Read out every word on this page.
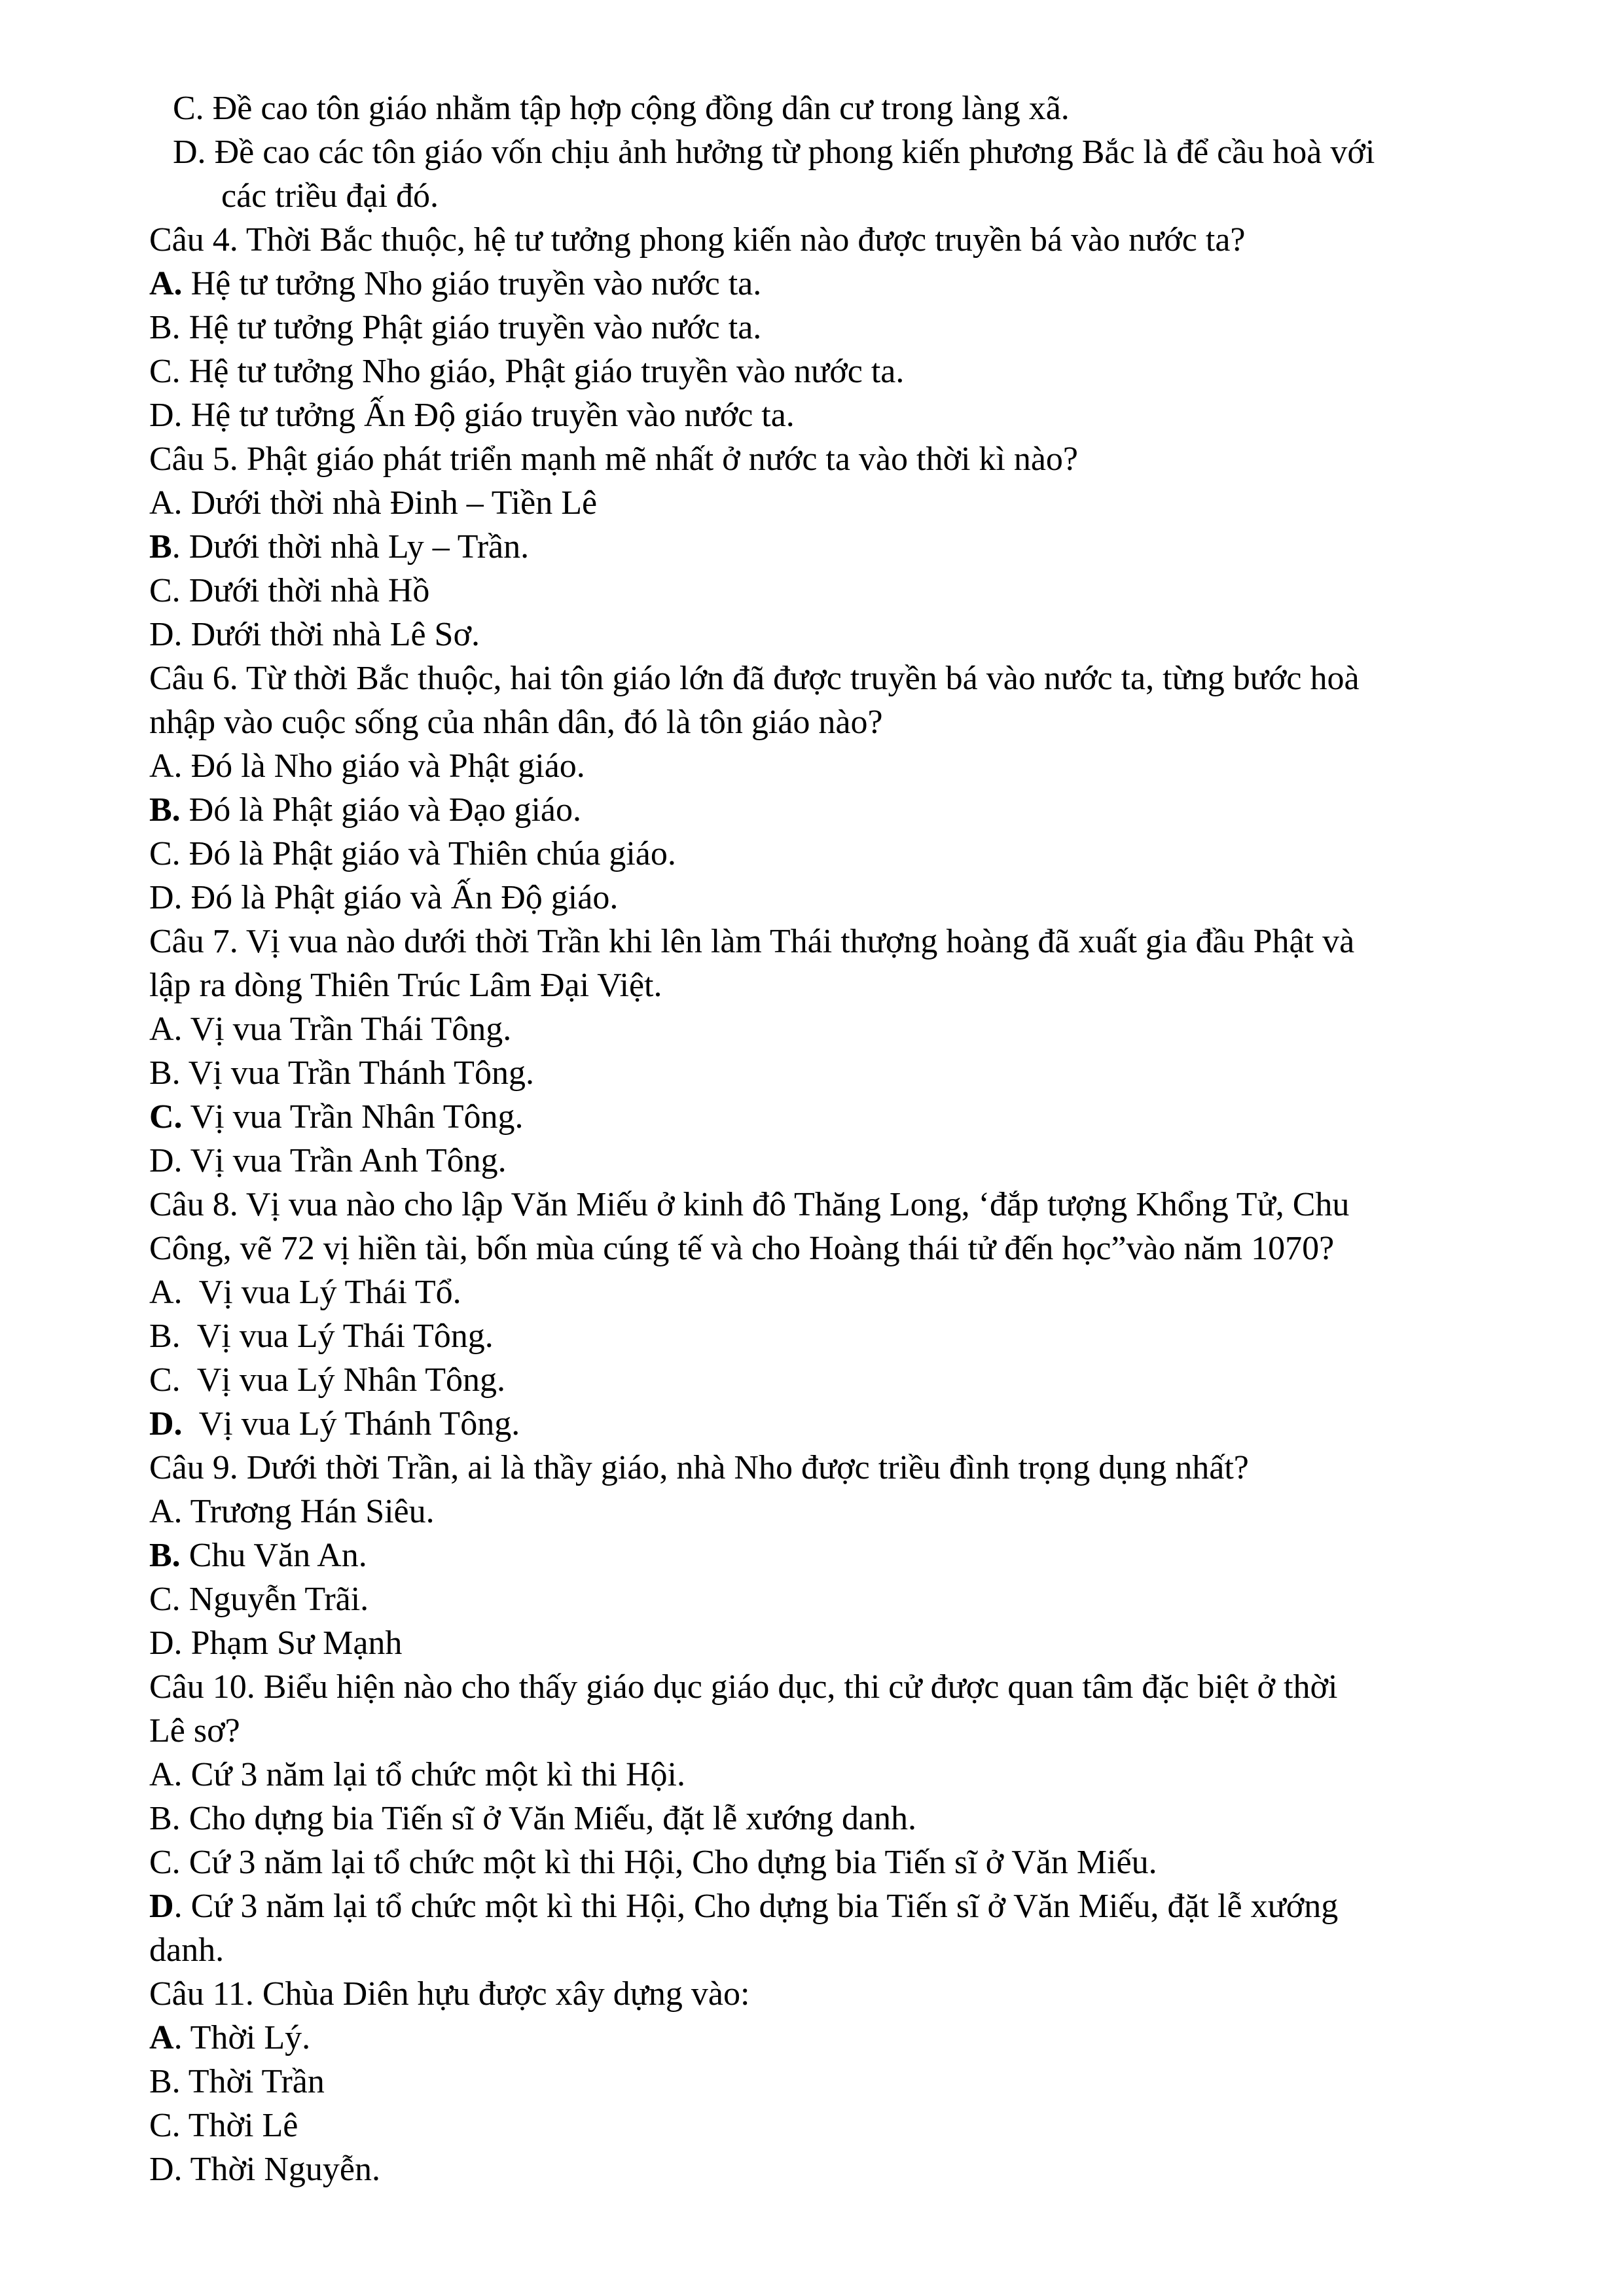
C. Đề cao tôn giáo nhằm tập hợp cộng đồng dân cư trong làng xã.
D. Đề cao các tôn giáo vốn chịu ảnh hưởng từ phong kiến phương Bắc là để cầu hoà với
các triều đại đó.
Câu 4. Thời Bắc thuộc, hệ tư tưởng phong kiến nào được truyền bá vào nước ta?
A. Hệ tư tưởng Nho giáo truyền vào nước ta.
B. Hệ tư tưởng Phật giáo truyền vào nước ta.
C. Hệ tư tưởng Nho giáo, Phật giáo truyền vào nước ta.
D. Hệ tư tưởng Ấn Độ giáo truyền vào nước ta.
Câu 5. Phật giáo phát triển mạnh mẽ nhất ở nước ta vào thời kì nào?
A. Dưới thời nhà Đinh – Tiền Lê
B. Dưới thời nhà Ly – Trần.
C. Dưới thời nhà Hồ
D. Dưới thời nhà Lê Sơ.
Câu 6. Từ thời Bắc thuộc, hai tôn giáo lớn đã được truyền bá vào nước ta, từng bước hoà
nhập vào cuộc sống của nhân dân, đó là tôn giáo nào?
A. Đó là Nho giáo và Phật giáo.
B. Đó là Phật giáo và Đạo giáo.
C. Đó là Phật giáo và Thiên chúa giáo.
D. Đó là Phật giáo và Ấn Độ giáo.
Câu 7. Vị vua nào dưới thời Trần khi lên làm Thái thượng hoàng đã xuất gia đầu Phật và
lập ra dòng Thiên Trúc Lâm Đại Việt.
A. Vị vua Trần Thái Tông.
B. Vị vua Trần Thánh Tông.
C. Vị vua Trần Nhân Tông.
D. Vị vua Trần Anh Tông.
Câu 8. Vị vua nào cho lập Văn Miếu ở kinh đô Thăng Long, ‘đắp tượng Khổng Tử, Chu
Công, vẽ 72 vị hiền tài, bốn mùa cúng tế và cho Hoàng thái tử đến học”vào năm 1070?
A.  Vị vua Lý Thái Tổ.
B.  Vị vua Lý Thái Tông.
C.  Vị vua Lý Nhân Tông.
D.  Vị vua Lý Thánh Tông.
Câu 9. Dưới thời Trần, ai là thầy giáo, nhà Nho được triều đình trọng dụng nhất?
A. Trương Hán Siêu.
B. Chu Văn An.
C. Nguyễn Trãi.
D. Phạm Sư Mạnh
Câu 10. Biểu hiện nào cho thấy giáo dục giáo dục, thi cử được quan tâm đặc biệt ở thời
Lê sơ?
A. Cứ 3 năm lại tổ chức một kì thi Hội.
B. Cho dựng bia Tiến sĩ ở Văn Miếu, đặt lễ xướng danh.
C. Cứ 3 năm lại tổ chức một kì thi Hội, Cho dựng bia Tiến sĩ ở Văn Miếu.
D. Cứ 3 năm lại tổ chức một kì thi Hội, Cho dựng bia Tiến sĩ ở Văn Miếu, đặt lễ xướng
danh.
Câu 11. Chùa Diên hựu được xây dựng vào:
A. Thời Lý.
B. Thời Trần
C. Thời Lê
D. Thời Nguyễn.
